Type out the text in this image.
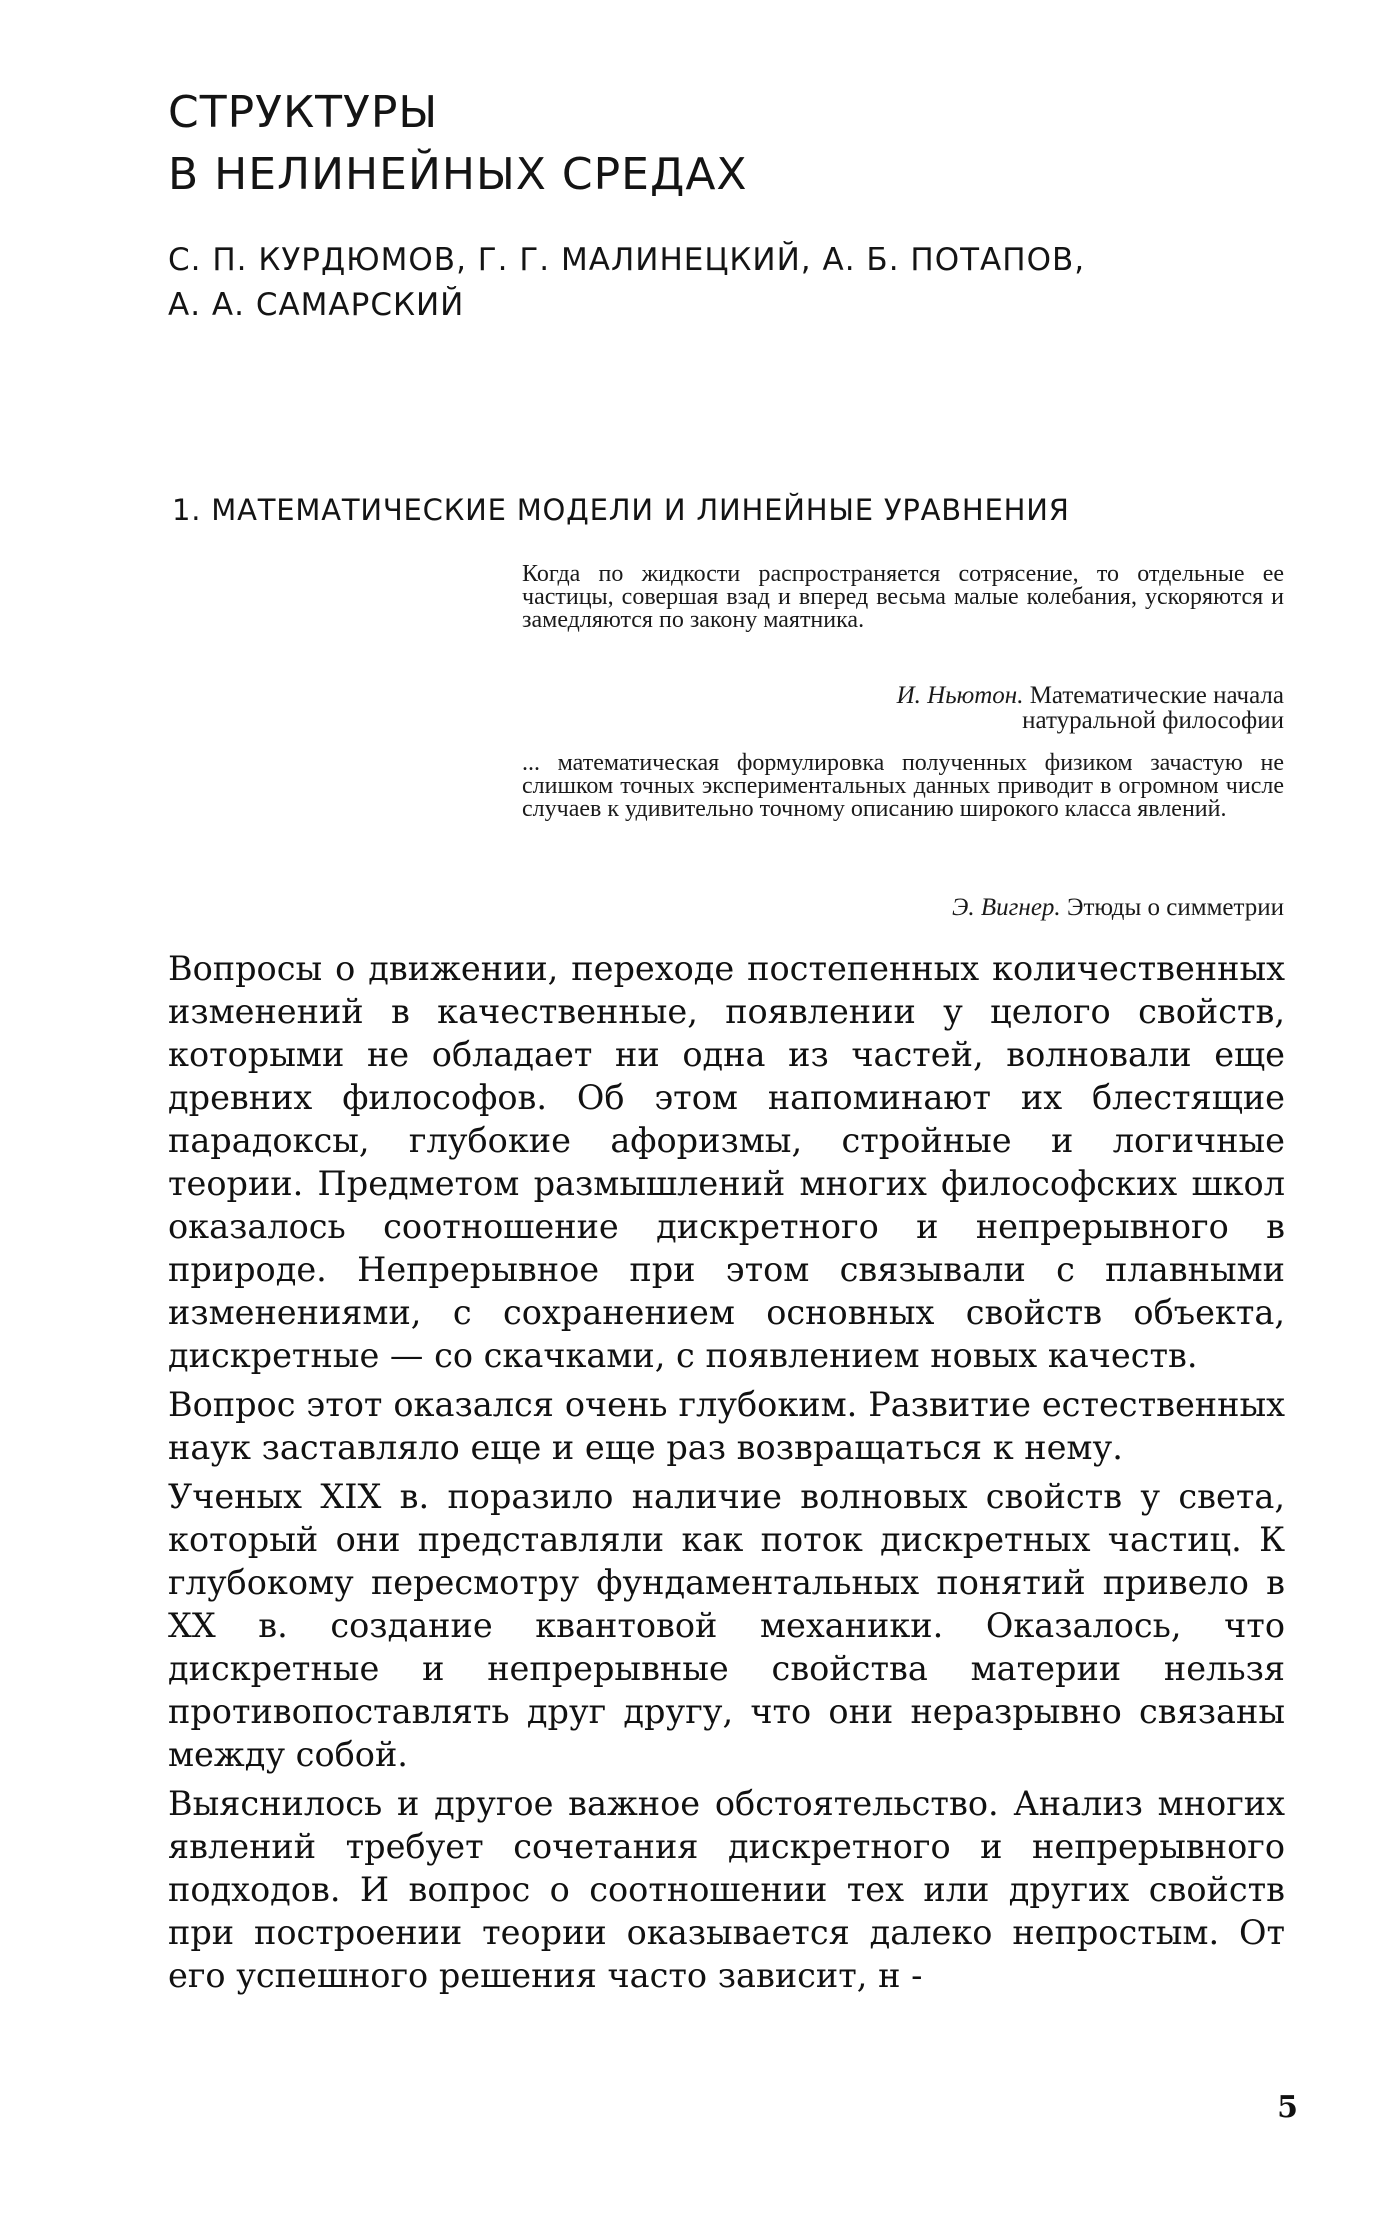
СТРУКТУРЫ
В НЕЛИНЕЙНЫХ СРЕДАХ
С. П. КУРДЮМОВ, Г. Г. МАЛИНЕЦКИЙ, А. Б. ПОТАПОВ,
А. А. САМАРСКИЙ
1. МАТЕМАТИЧЕСКИЕ МОДЕЛИ И ЛИНЕЙНЫЕ УРАВНЕНИЯ
Когда по жидкости распространяется сотрясение, то отдельные ее частицы, совершая взад и вперед весьма малые колебания, ускоряются и замедляются по закону маятника.
И. Ньютон. Математические начала
натуральной философии
... математическая формулировка полученных физиком зачастую не слишком точных экспериментальных данных приводит в огромном числе случаев к удивительно точному описанию широкого класса явлений.
Э. Вигнер. Этюды о симметрии

Вопросы о движении, переходе постепенных количественных изменений в качественные, появлении у целого свойств, которыми не обладает ни одна из частей, волновали еще древних философов. Об этом напоминают их блестящие парадоксы, глубокие афоризмы, стройные и логичные теории. Предметом размышлений многих философских школ оказалось соотношение дискретного и непрерывного в природе. Непрерывное при этом связывали с плавными изменениями, с сохранением основных свойств объекта, дискретные — со скачками, с появлением новых качеств.

Вопрос этот оказался очень глубоким. Развитие естественных наук заставляло еще и еще раз возвращаться к нему.

Ученых XIX в. поразило наличие волновых свойств у света, который они представляли как поток дискретных частиц. К глубокому пересмотру фундаментальных понятий привело в XX в. создание квантовой механики. Оказалось, что дискретные и непрерывные свойства материи нельзя противопоставлять друг другу, что они неразрывно связаны между собой.

Выяснилось и другое важное обстоятельство. Анализ многих явлений требует сочетания дискретного и непрерывного подходов. И вопрос о соотношении тех или других свойств при построении теории оказывается далеко непростым. От его успешного решения часто зависит, н -

5
